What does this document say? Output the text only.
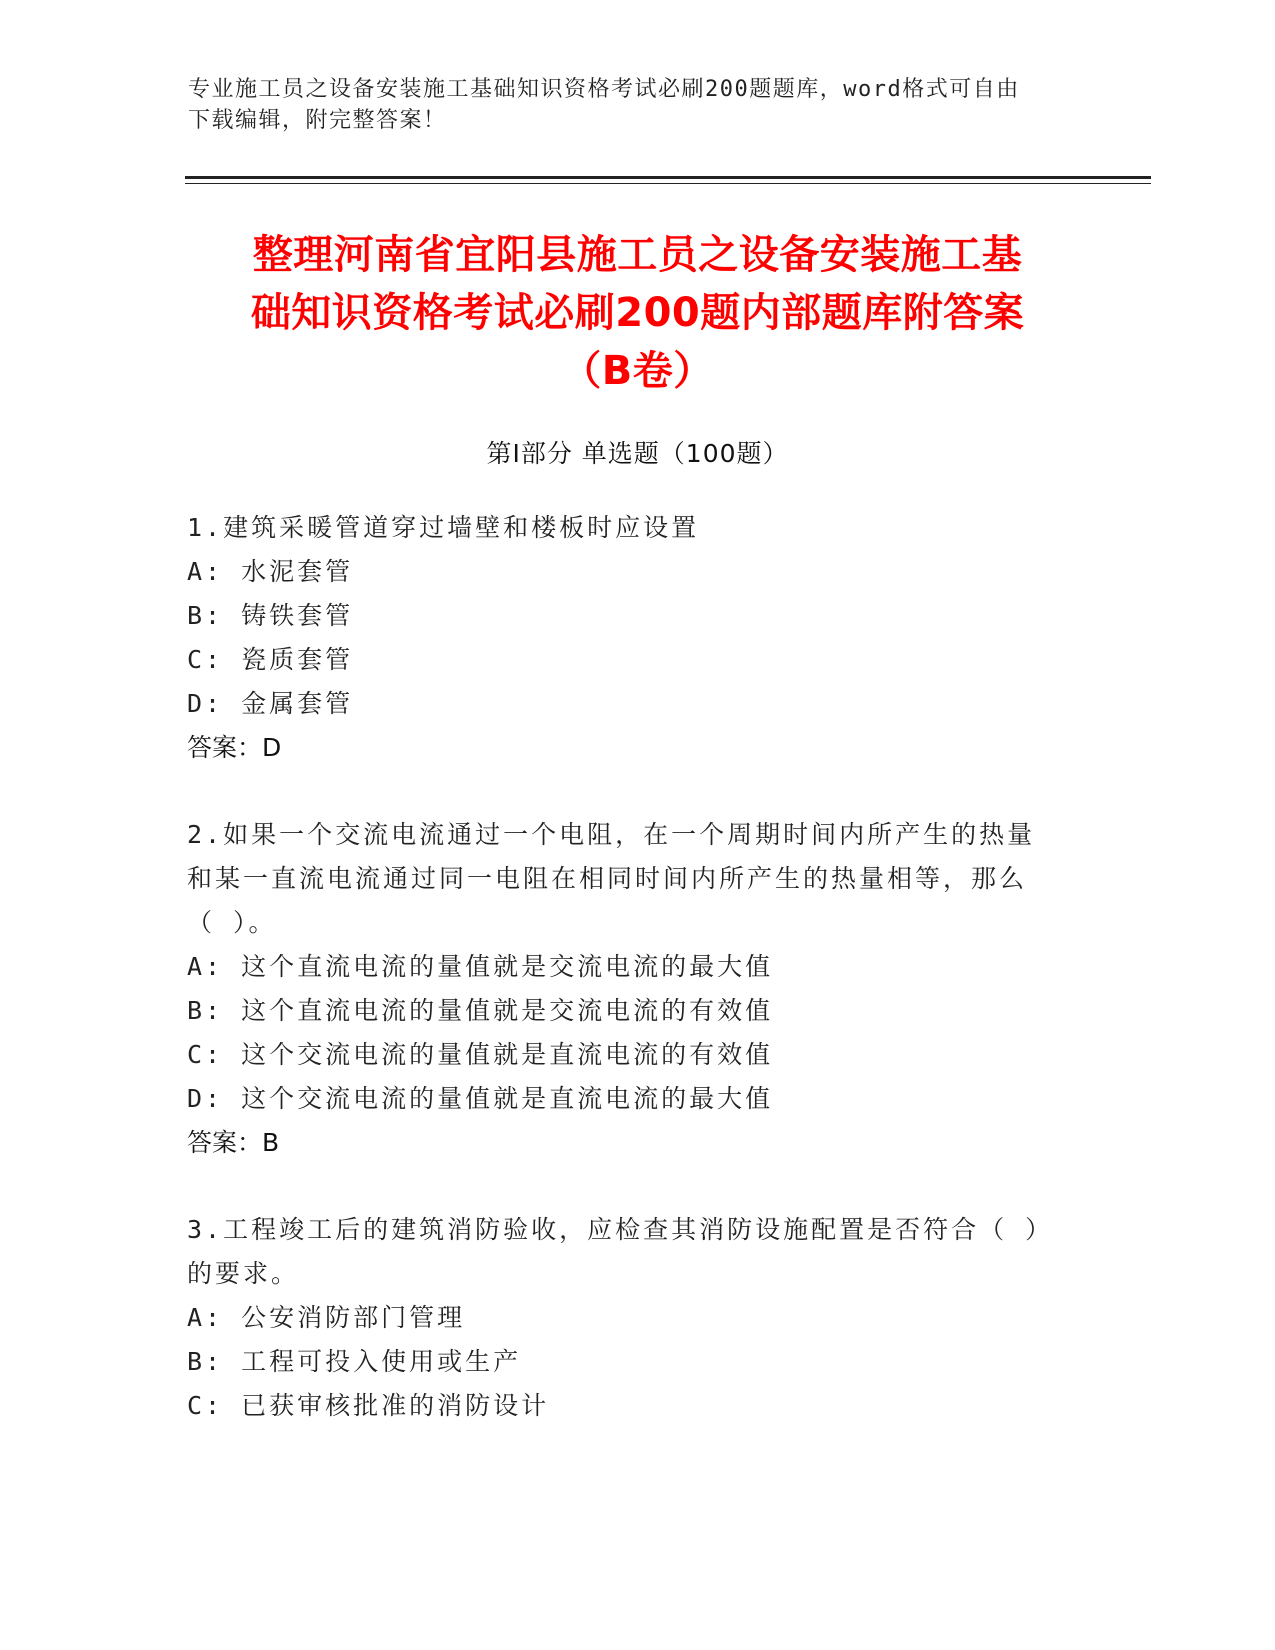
专业施工员之设备安装施工基础知识资格考试必刷200题题库，word格式可自由
下载编辑，附完整答案！
整理河南省宜阳县施工员之设备安装施工基
础知识资格考试必刷200题内部题库附答案
（B卷）
第Ⅰ部分 单选题（100题）
1.建筑采暖管道穿过墙壁和楼板时应设置
A: 水泥套管
B: 铸铁套管
C: 瓷质套管
D: 金属套管
答案：D
2.如果一个交流电流通过一个电阻，在一个周期时间内所产生的热量
和某一直流电流通过同一电阻在相同时间内所产生的热量相等，那么
（ ）。
A: 这个直流电流的量值就是交流电流的最大值
B: 这个直流电流的量值就是交流电流的有效值
C: 这个交流电流的量值就是直流电流的有效值
D: 这个交流电流的量值就是直流电流的最大值
答案：B
3.工程竣工后的建筑消防验收，应检查其消防设施配置是否符合（ ）
的要求。
A: 公安消防部门管理
B: 工程可投入使用或生产
C: 已获审核批准的消防设计
